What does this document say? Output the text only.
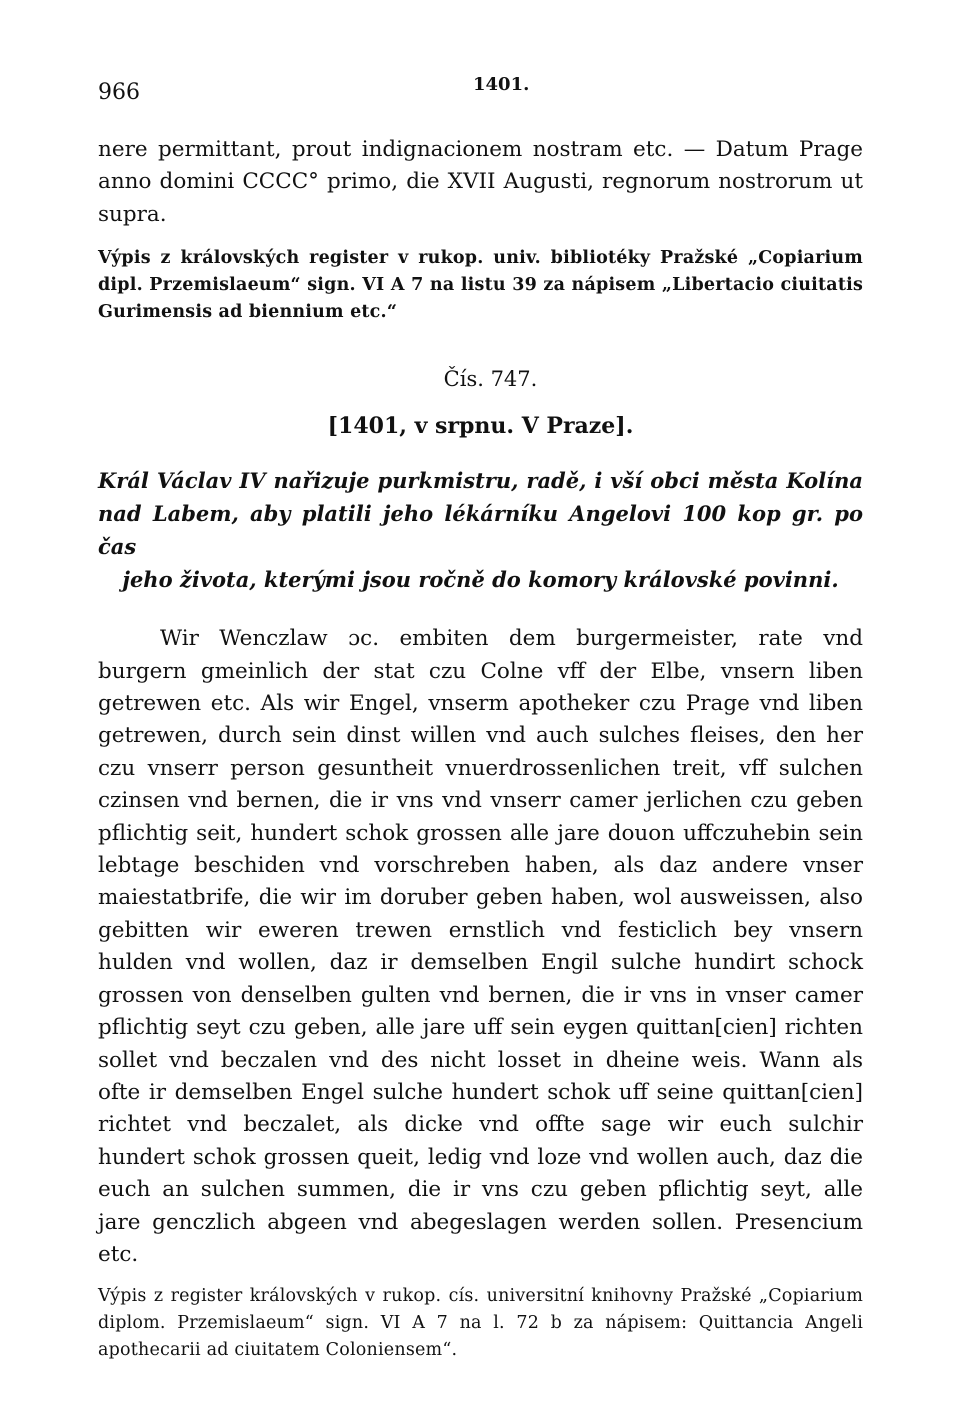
966	1401.

nere permittant, prout indignacionem nostram etc. — Datum Prage anno domini CCCC° primo, die XVII Augusti, regnorum nostrorum ut supra.

Výpis z královských register v rukop. univ. bibliotéky Pražské „Copiarium dipl. Przemislaeum“ sign. VI A 7 na listu 39 za nápisem „Libertacio ciuitatis Gurimensis ad biennium etc.“

Čís. 747.

[1401, v srpnu. V Praze].

Král Václav IV nařizuje purkmistru, radě, i vší obci města Kolína nad Labem, aby platili jeho lékárníku Angelovi 100 kop gr. po čas
jeho života, kterými jsou ročně do komory královské povinni.

Wir Wenczlaw ɔc. embiten dem burgermeister, rate vnd burgern gmeinlich der stat czu Colne vff der Elbe, vnsern liben getrewen etc. Als wir Engel, vnserm apotheker czu Prage vnd liben getrewen, durch sein dinst willen vnd auch sulches fleises, den her czu vnserr person gesuntheit vnuerdrossenlichen treit, vff sulchen czinsen vnd bernen, die ir vns vnd vnserr camer jerlichen czu geben pflichtig seit, hundert schok grossen alle jare douon uffczuhebin sein lebtage beschiden vnd vorschreben haben, als daz andere vnser maiestatbrife, die wir im doruber geben haben, wol ausweissen, also gebitten wir eweren trewen ernstlich vnd festiclich bey vnsern hulden vnd wollen, daz ir demselben Engil sulche hundirt schock grossen von denselben gulten vnd bernen, die ir vns in vnser camer pflichtig seyt czu geben, alle jare uff sein eygen quittan[cien] richten sollet vnd beczalen vnd des nicht losset in dheine weis. Wann als ofte ir demselben Engel sulche hundert schok uff seine quittan[cien] richtet vnd beczalet, als dicke vnd offte sage wir euch sulchir hundert schok grossen queit, ledig vnd loze vnd wollen auch, daz die euch an sulchen summen, die ir vns czu geben pflichtig seyt, alle jare genczlich abgeen vnd abegeslagen werden sollen. Presencium etc.

Výpis z register královských v rukop. cís. universitní knihovny Pražské „Copiarium diplom. Przemislaeum“ sign. VI A 7 na l. 72 b za nápisem: Quittancia Angeli apothecarii ad ciuitatem Coloniensem“.
